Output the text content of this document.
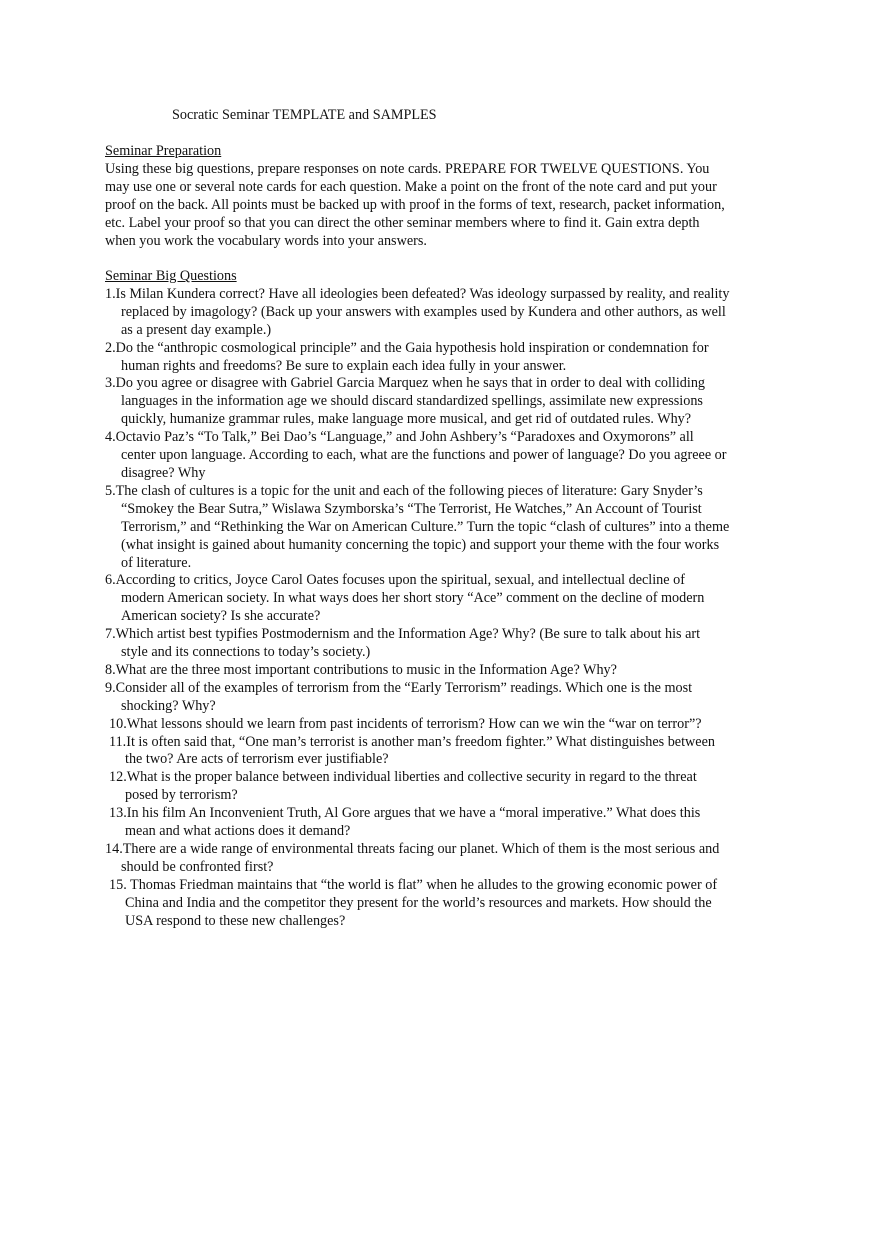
Socratic Seminar TEMPLATE and SAMPLES
Seminar Preparation
Using these big questions, prepare responses on note cards. PREPARE FOR TWELVE QUESTIONS. You may use one or several note cards for each question. Make a point on the front of the note card and put your proof on the back. All points must be backed up with proof in the forms of text, research, packet information, etc. Label your proof so that you can direct the other seminar members where to find it. Gain extra depth when you work the vocabulary words into your answers.
Seminar Big Questions
1.Is Milan Kundera correct? Have all ideologies been defeated? Was ideology surpassed by reality, and reality replaced by imagology? (Back up your answers with examples used by Kundera and other authors, as well as a present day example.)
2.Do the “anthropic cosmological principle” and the Gaia hypothesis hold inspiration or condemnation for human rights and freedoms? Be sure to explain each idea fully in your answer.
3.Do you agree or disagree with Gabriel Garcia Marquez when he says that in order to deal with colliding languages in the information age we should discard standardized spellings, assimilate new expressions quickly, humanize grammar rules, make language more musical, and get rid of outdated rules. Why?
4.Octavio Paz’s “To Talk,” Bei Dao’s “Language,” and John Ashbery’s “Paradoxes and Oxymorons” all center upon language. According to each, what are the functions and power of language? Do you agreee or disagree? Why
5.The clash of cultures is a topic for the unit and each of the following pieces of literature: Gary Snyder’s “Smokey the Bear Sutra,” Wislawa Szymborska’s “The Terrorist, He Watches,” An Account of Tourist Terrorism,” and “Rethinking the War on American Culture.” Turn the topic “clash of cultures” into a theme (what insight is gained about humanity concerning the topic) and support your theme with the four works of literature.
6.According to critics, Joyce Carol Oates focuses upon the spiritual, sexual, and intellectual decline of modern American society. In what ways does her short story “Ace” comment on the decline of modern American society? Is she accurate?
7.Which artist best typifies Postmodernism and the Information Age? Why? (Be sure to talk about his art style and its connections to today’s society.)
8.What are the three most important contributions to music in the Information Age? Why?
9.Consider all of the examples of terrorism from the “Early Terrorism” readings. Which one is the most shocking? Why?
10.What lessons should we learn from past incidents of terrorism? How can we win the “war on terror”?
11.It is often said that, “One man’s terrorist is another man’s freedom fighter.” What distinguishes between the two? Are acts of terrorism ever justifiable?
12.What is the proper balance between individual liberties and collective security in regard to the threat posed by terrorism?
13.In his film An Inconvenient Truth, Al Gore argues that we have a “moral imperative.” What does this mean and what actions does it demand?
14.There are a wide range of environmental threats facing our planet. Which of them is the most serious and should be confronted first?
15. Thomas Friedman maintains that “the world is flat” when he alludes to the growing economic power of China and India and the competitor they present for the world’s resources and markets. How should the USA respond to these new challenges?
